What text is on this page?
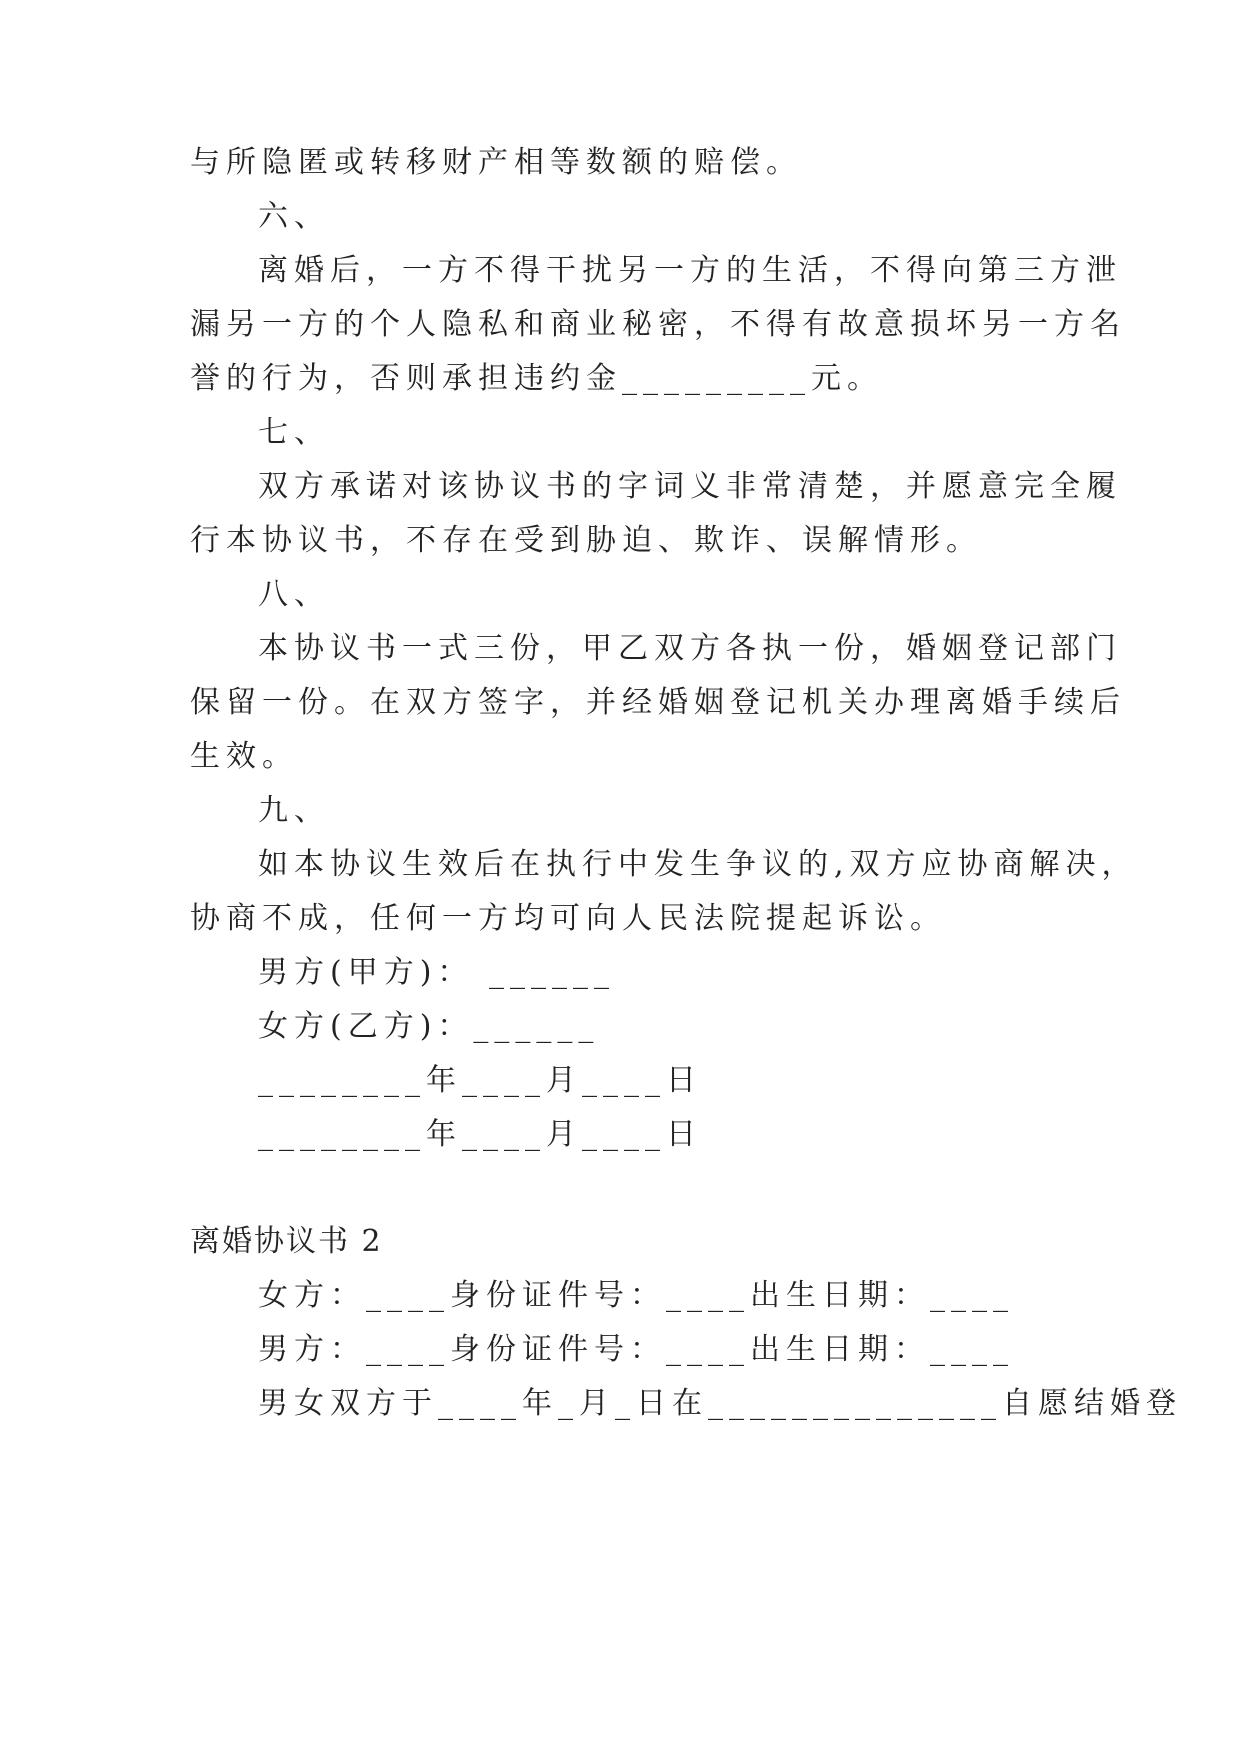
与所隐匿或转移财产相等数额的赔偿。
六、
离婚后，一方不得干扰另一方的生活，不得向第三方泄
漏另一方的个人隐私和商业秘密，不得有故意损坏另一方名
誉的行为，否则承担违约金_________元。
七、
双方承诺对该协议书的字词义非常清楚，并愿意完全履
行本协议书，不存在受到胁迫、欺诈、误解情形。
八、
本协议书一式三份，甲乙双方各执一份，婚姻登记部门
保留一份。在双方签字，并经婚姻登记机关办理离婚手续后
生效。
九、
如本协议生效后在执行中发生争议的,双方应协商解决，
协商不成，任何一方均可向人民法院提起诉讼。
男方(甲方)： ______
女方(乙方)：______
________年____月____日
________年____月____日
离婚协议书 2
女方：____身份证件号：____出生日期：____
男方：____身份证件号：____出生日期：____
男女双方于____年_月_日在______________自愿结婚登
